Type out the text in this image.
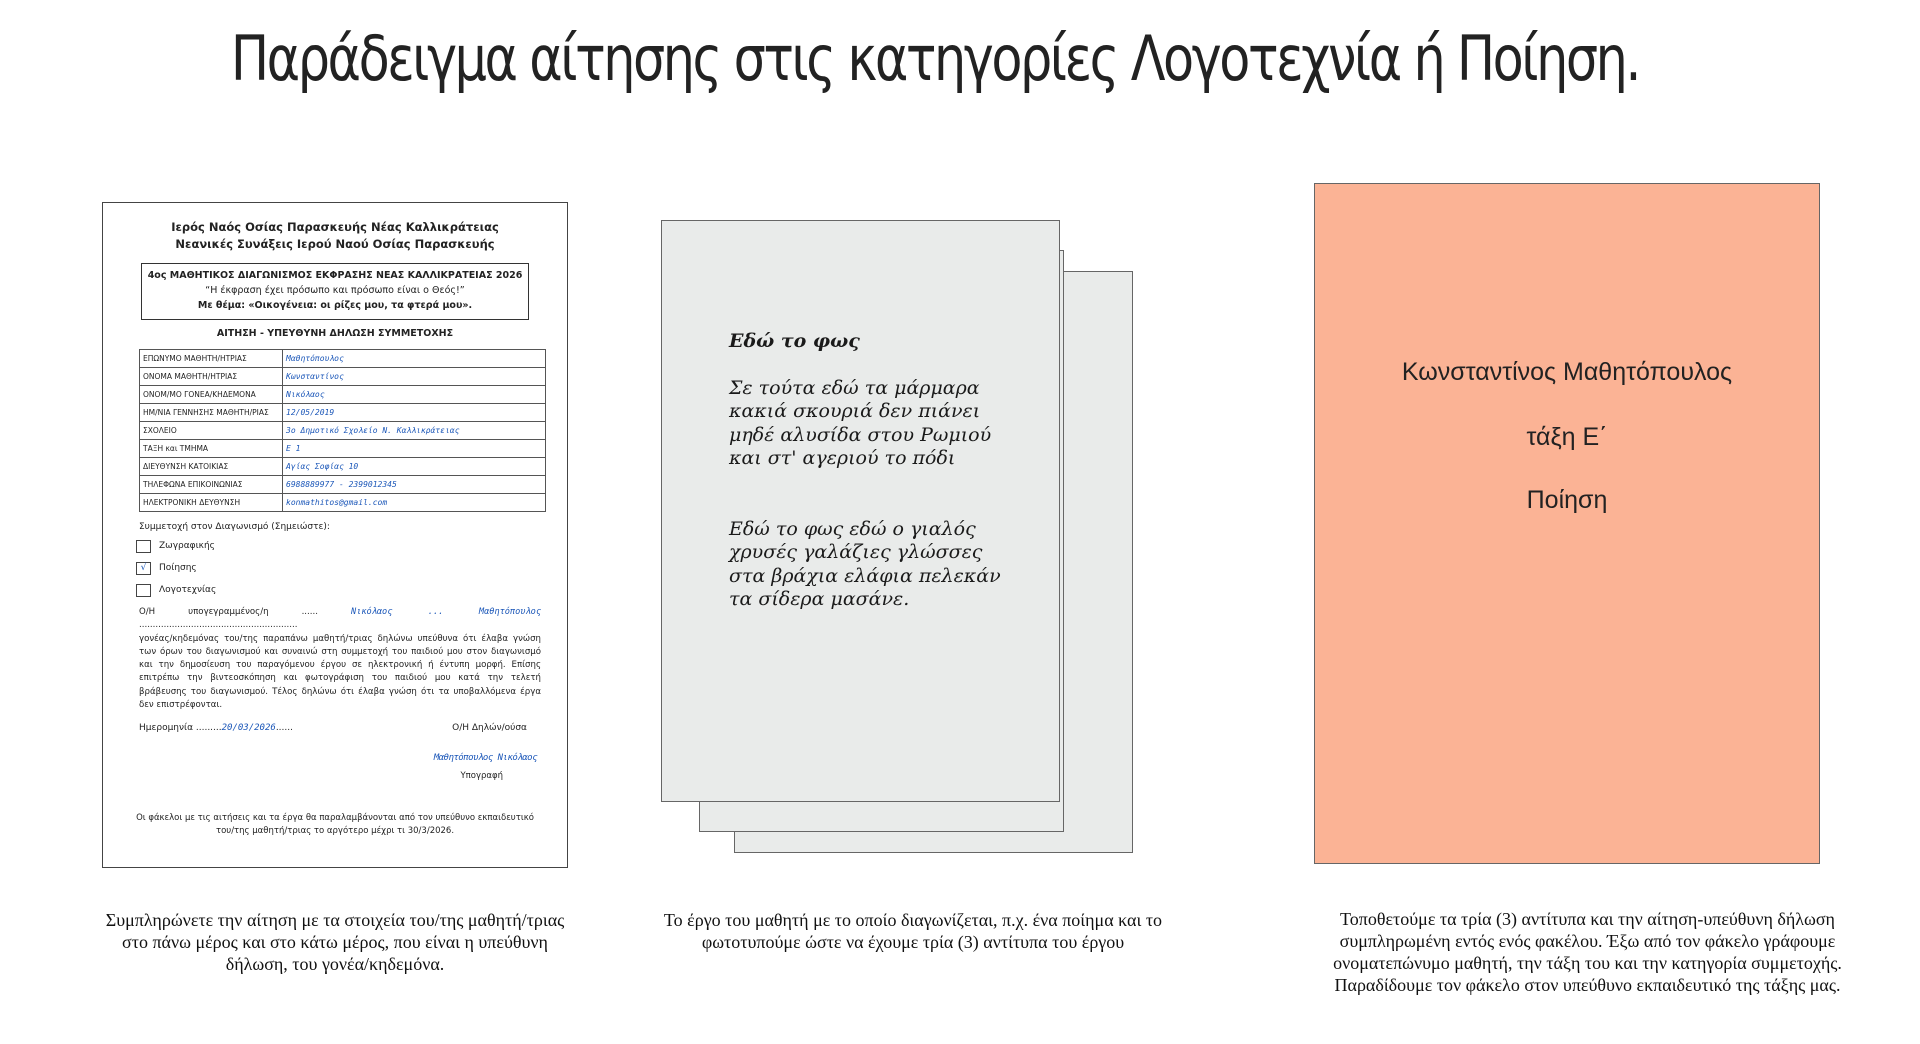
Παράδειγμα αίτησης στις κατηγορίες Λογοτεχνία ή Ποίηση.
Ιερός Ναός Οσίας Παρασκευής Νέας Καλλικράτειας
Νεανικές Συνάξεις Ιερού Ναού Οσίας Παρασκευής
4ος ΜΑΘΗΤΙΚΟΣ ΔΙΑΓΩΝΙΣΜΟΣ ΕΚΦΡΑΣΗΣ ΝΕΑΣ ΚΑΛΛΙΚΡΑΤΕΙΑΣ 2026
“Η έκφραση έχει πρόσωπο και πρόσωπο είναι ο Θεός!”
Με θέμα: «Οικογένεια: οι ρίζες μου, τα φτερά μου».
ΑΙΤΗΣΗ - ΥΠΕΥΘΥΝΗ ΔΗΛΩΣΗ ΣΥΜΜΕΤΟΧΗΣ
ΕΠΩΝΥΜΟ ΜΑΘΗΤΗ/ΗΤΡΙΑΣ	Μαθητόπουλος
ΟΝΟΜΑ ΜΑΘΗΤΗ/ΗΤΡΙΑΣ	Κωνσταντίνος
ΟΝΟΜ/ΜΟ ΓΟΝΕΑ/ΚΗΔΕΜΟΝΑ	Νικόλαος
ΗΜ/ΝΙΑ ΓΕΝΝΗΣΗΣ ΜΑΘΗΤΗ/ΡΙΑΣ	12/05/2019
ΣΧΟΛΕΙΟ	3ο Δημοτικό Σχολείο Ν. Καλλικράτειας
ΤΑΞΗ και ΤΜΗΜΑ	Ε 1
ΔΙΕΥΘΥΝΣΗ ΚΑΤΟΙΚΙΑΣ	Αγίας Σοφίας 10
ΤΗΛΕΦΩΝΑ ΕΠΙΚΟΙΝΩΝΙΑΣ	6988889977 - 2399012345
ΗΛΕΚΤΡΟΝΙΚΗ ΔΕΥΘΥΝΣΗ	konmathitos@gmail.com
Συμμετοχή στον Διαγωνισμό (Σημειώστε):
Ζωγραφικής
√	Ποίησης
Λογοτεχνίας
Ο/Η υπογεγραμμένος/η ......	Νικόλαος ... Μαθητόπουλος ..........................................................
γονέας/κηδεμόνας του/της παραπάνω μαθητή/τριας δηλώνω υπεύθυνα ότι έλαβα γνώση των όρων του διαγωνισμού και συναινώ στη συμμετοχή του παιδιού μου στον διαγωνισμό και την δημοσίευση του παραγόμενου έργου σε ηλεκτρονική ή έντυπη μορφή. Επίσης επιτρέπω την βιντεοσκόπηση και φωτογράφιση του παιδιού μου κατά την τελετή βράβευσης του διαγωνισμού. Τέλος δηλώνω ότι έλαβα γνώση ότι τα υποβαλλόμενα έργα δεν επιστρέφονται.
Ημερομηνία .........20/03/2026......	Ο/Η Δηλών/ούσα
Μαθητόπουλος Νικόλαος
Υπογραφή
Οι φάκελοι με τις αιτήσεις και τα έργα θα παραλαμβάνονται από τον υπεύθυνο εκπαιδευτικό του/της μαθητή/τριας το αργότερο μέχρι τι 30/3/2026.
Εδώ το φως
Σε τούτα εδώ τα μάρμαρα
κακιά σκουριά δεν πιάνει
μηδέ αλυσίδα στου Ρωμιού
και στ' αγεριού το πόδι
Εδώ το φως εδώ ο γιαλός
χρυσές γαλάζιες γλώσσες
στα βράχια ελάφια πελεκάν
τα σίδερα μασάνε.
Κωνσταντίνος Μαθητόπουλος
τάξη Ε΄
Ποίηση
Συμπληρώνετε την αίτηση με τα στοιχεία του/της μαθητή/τριας στο πάνω μέρος και στο κάτω μέρος, που είναι η υπεύθυνη δήλωση, του γονέα/κηδεμόνα.
Το έργο του μαθητή με το οποίο διαγωνίζεται, π.χ. ένα ποίημα και το φωτοτυπούμε ώστε να έχουμε τρία (3) αντίτυπα του έργου
Τοποθετούμε τα τρία (3) αντίτυπα και την αίτηση-υπεύθυνη δήλωση συμπληρωμένη εντός ενός φακέλου. Έξω από τον φάκελο γράφουμε ονοματεπώνυμο μαθητή, την τάξη του και την κατηγορία συμμετοχής. Παραδίδουμε τον φάκελο στον υπεύθυνο εκπαιδευτικό της τάξης μας.
